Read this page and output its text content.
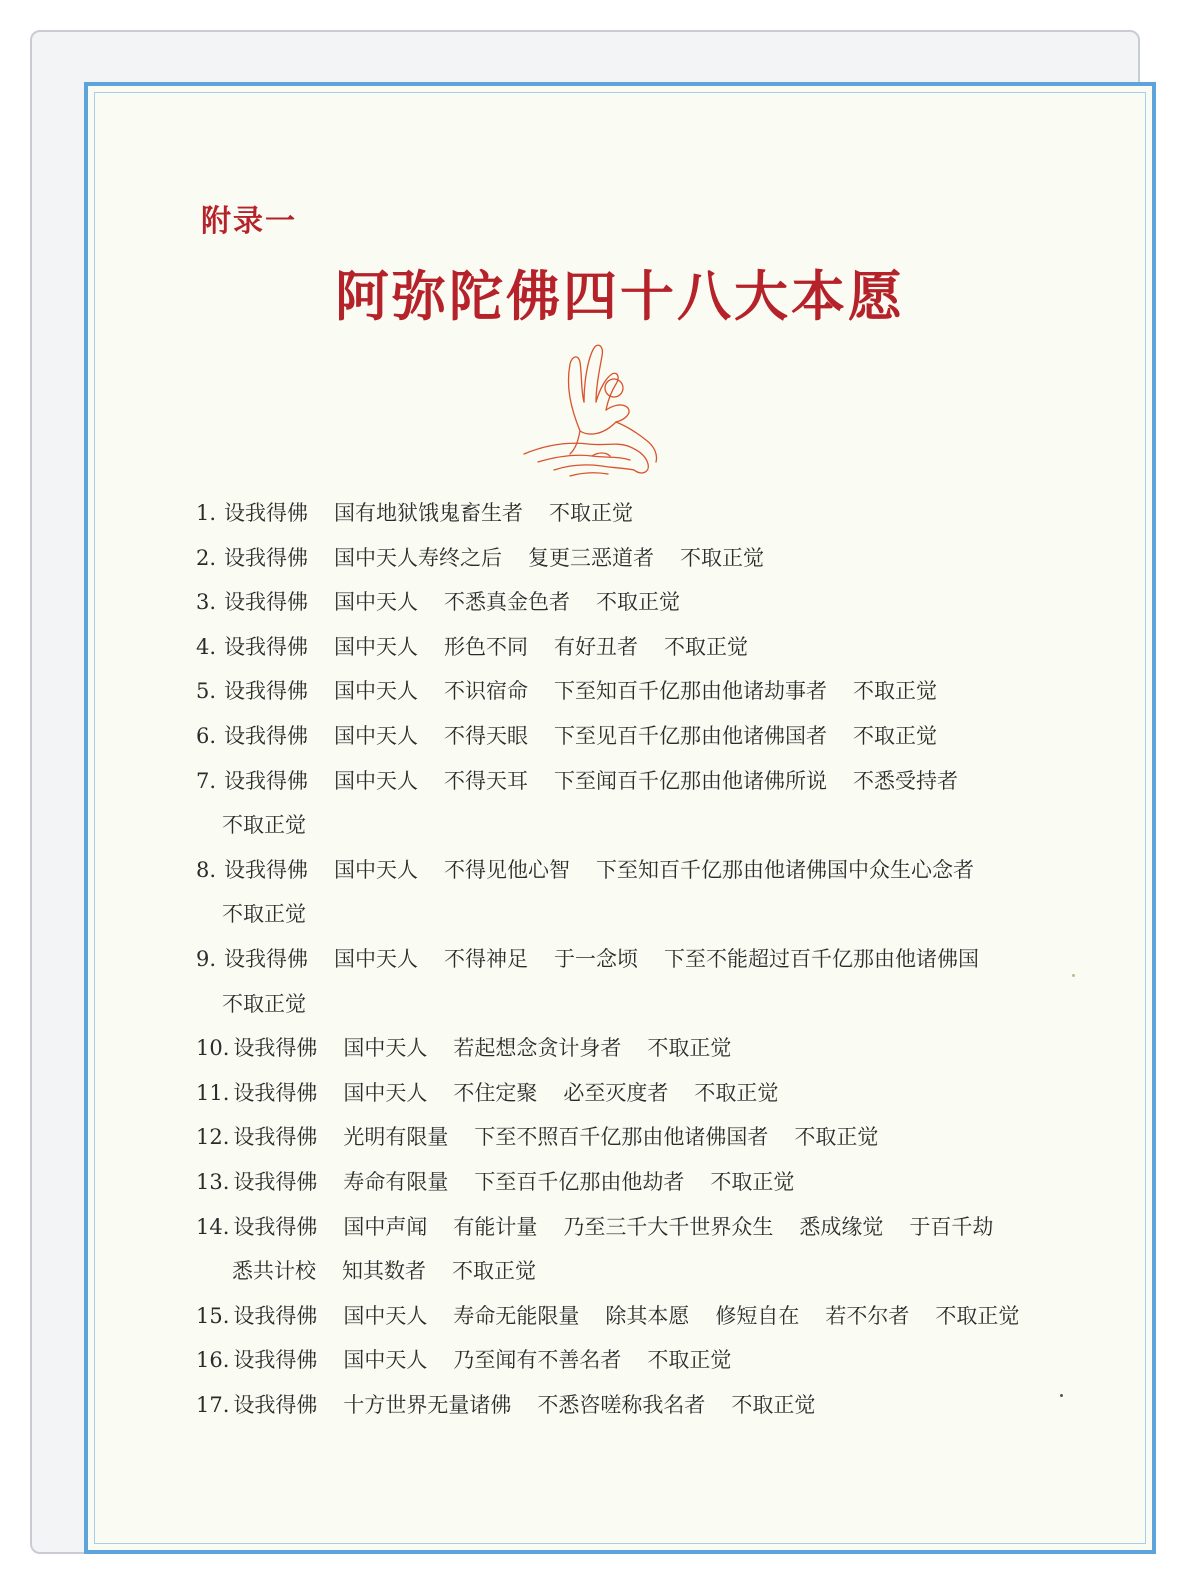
附录一
阿弥陀佛四十八大本愿
1. 设我得佛 国有地狱饿鬼畜生者 不取正觉
2. 设我得佛 国中天人寿终之后 复更三恶道者 不取正觉
3. 设我得佛 国中天人 不悉真金色者 不取正觉
4. 设我得佛 国中天人 形色不同 有好丑者 不取正觉
5. 设我得佛 国中天人 不识宿命 下至知百千亿那由他诸劫事者 不取正觉
6. 设我得佛 国中天人 不得天眼 下至见百千亿那由他诸佛国者 不取正觉
7. 设我得佛 国中天人 不得天耳 下至闻百千亿那由他诸佛所说 不悉受持者
不取正觉
8. 设我得佛 国中天人 不得见他心智 下至知百千亿那由他诸佛国中众生心念者
不取正觉
9. 设我得佛 国中天人 不得神足 于一念顷 下至不能超过百千亿那由他诸佛国
不取正觉
10. 设我得佛 国中天人 若起想念贪计身者 不取正觉
11. 设我得佛 国中天人 不住定聚 必至灭度者 不取正觉
12. 设我得佛 光明有限量 下至不照百千亿那由他诸佛国者 不取正觉
13. 设我得佛 寿命有限量 下至百千亿那由他劫者 不取正觉
14. 设我得佛 国中声闻 有能计量 乃至三千大千世界众生 悉成缘觉 于百千劫
悉共计校 知其数者 不取正觉
15. 设我得佛 国中天人 寿命无能限量 除其本愿 修短自在 若不尔者 不取正觉
16. 设我得佛 国中天人 乃至闻有不善名者 不取正觉
17. 设我得佛 十方世界无量诸佛 不悉咨嗟称我名者 不取正觉
